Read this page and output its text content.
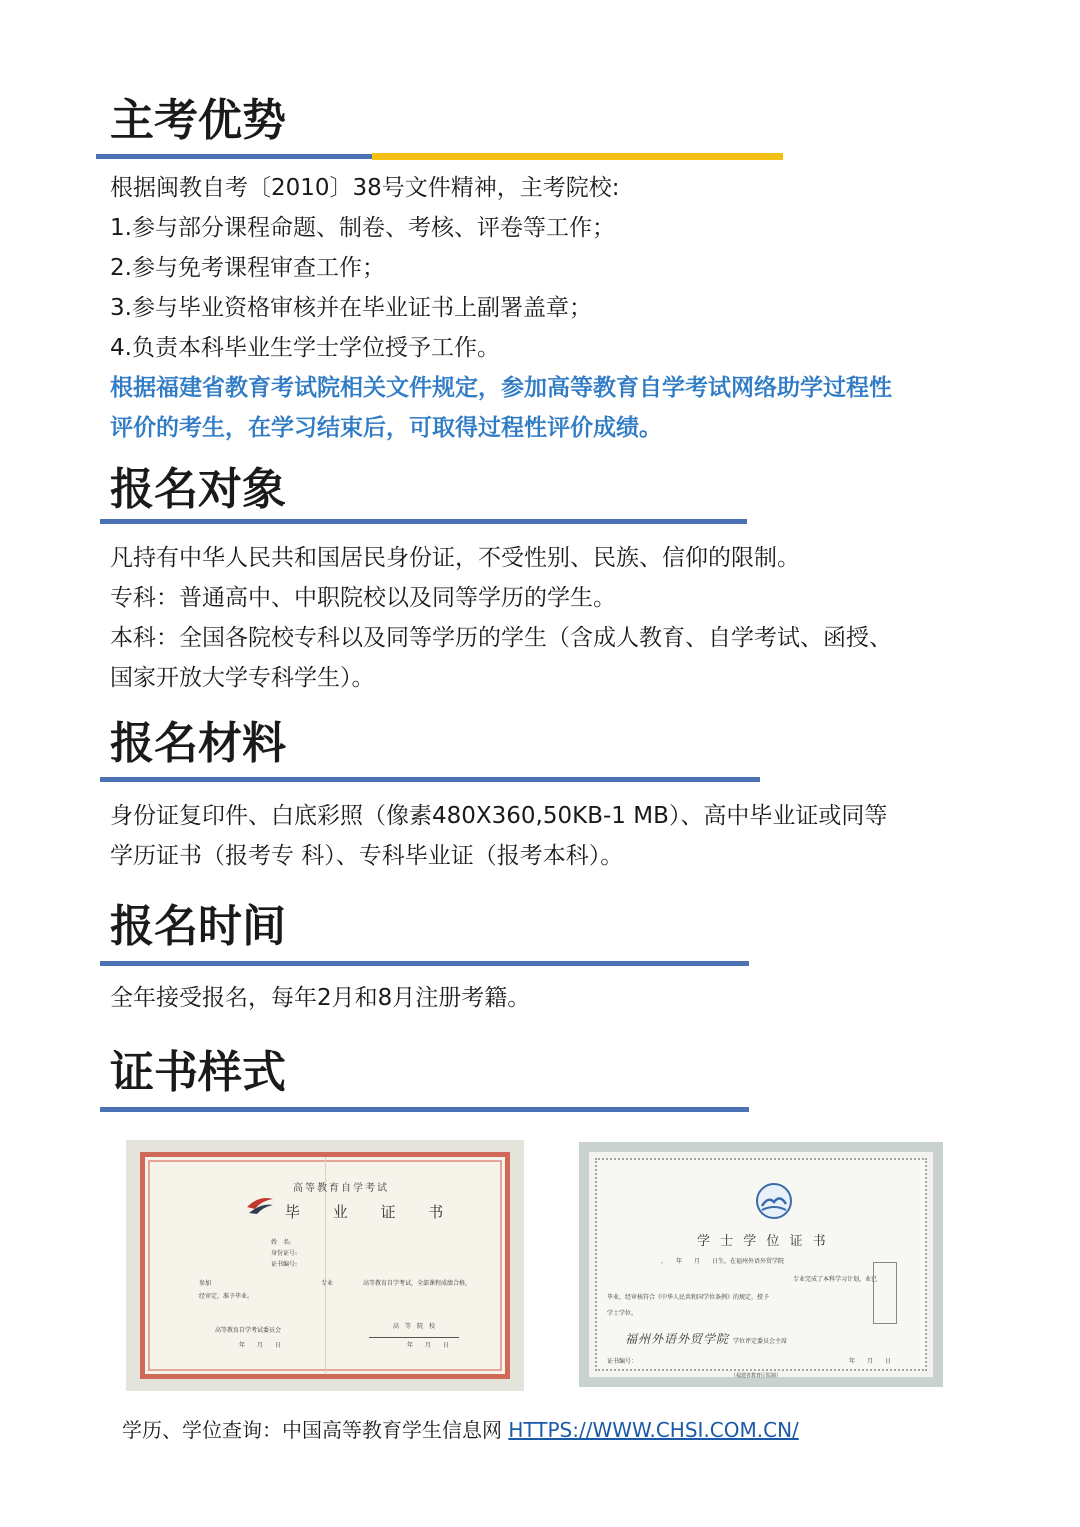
主考优势

根据闽教自考〔2010〕38号文件精神，主考院校:

1.参与部分课程命题、制卷、考核、评卷等工作；

2.参与免考课程审查工作；

3.参与毕业资格审核并在毕业证书上副署盖章；

4.负责本科毕业生学士学位授予工作。

根据福建省教育考试院相关文件规定，参加高等教育自学考试网络助学过程性

评价的考生，在学习结束后，可取得过程性评价成绩。

报名对象

凡持有中华人民共和国居民身份证，不受性别、民族、信仰的限制。

专科：普通高中、中职院校以及同等学历的学生。

本科：全国各院校专科以及同等学历的学生（含成人教育、自学考试、函授、

国家开放大学专科学生）。

报名材料

身份证复印件、白底彩照（像素480X360,50KB-1 MB）、高中毕业证或同等

学历证书（报考专 科）、专科毕业证（报考本科）。

报名时间

全年接受报名，每年2月和8月注册考籍。

证书样式
高等教育自学考试
毕 业 证 书
姓　名:
身份证号:
证书编号:
参加	专业	高等教育自学考试，全部课程成绩合格，
经审定，准予毕业。
高等教育自学考试委员会
高　等　院　校
年　　月　　日	年　　月　　日
学 士 学 位 证 书
，　　年　　月　　日生，在福州外语外贸学院
专业完成了本科学习计划，业已
毕业，经审核符合《中华人民共和国学位条例》的规定，授予
学士学位。
福州外语外贸学院 学位评定委员会主席
证书编号：	年　　月　　日
（福建省教育厅监制）
学历、学位查询：中国高等教育学生信息网 HTTPS://WWW.CHSI.COM.CN/
